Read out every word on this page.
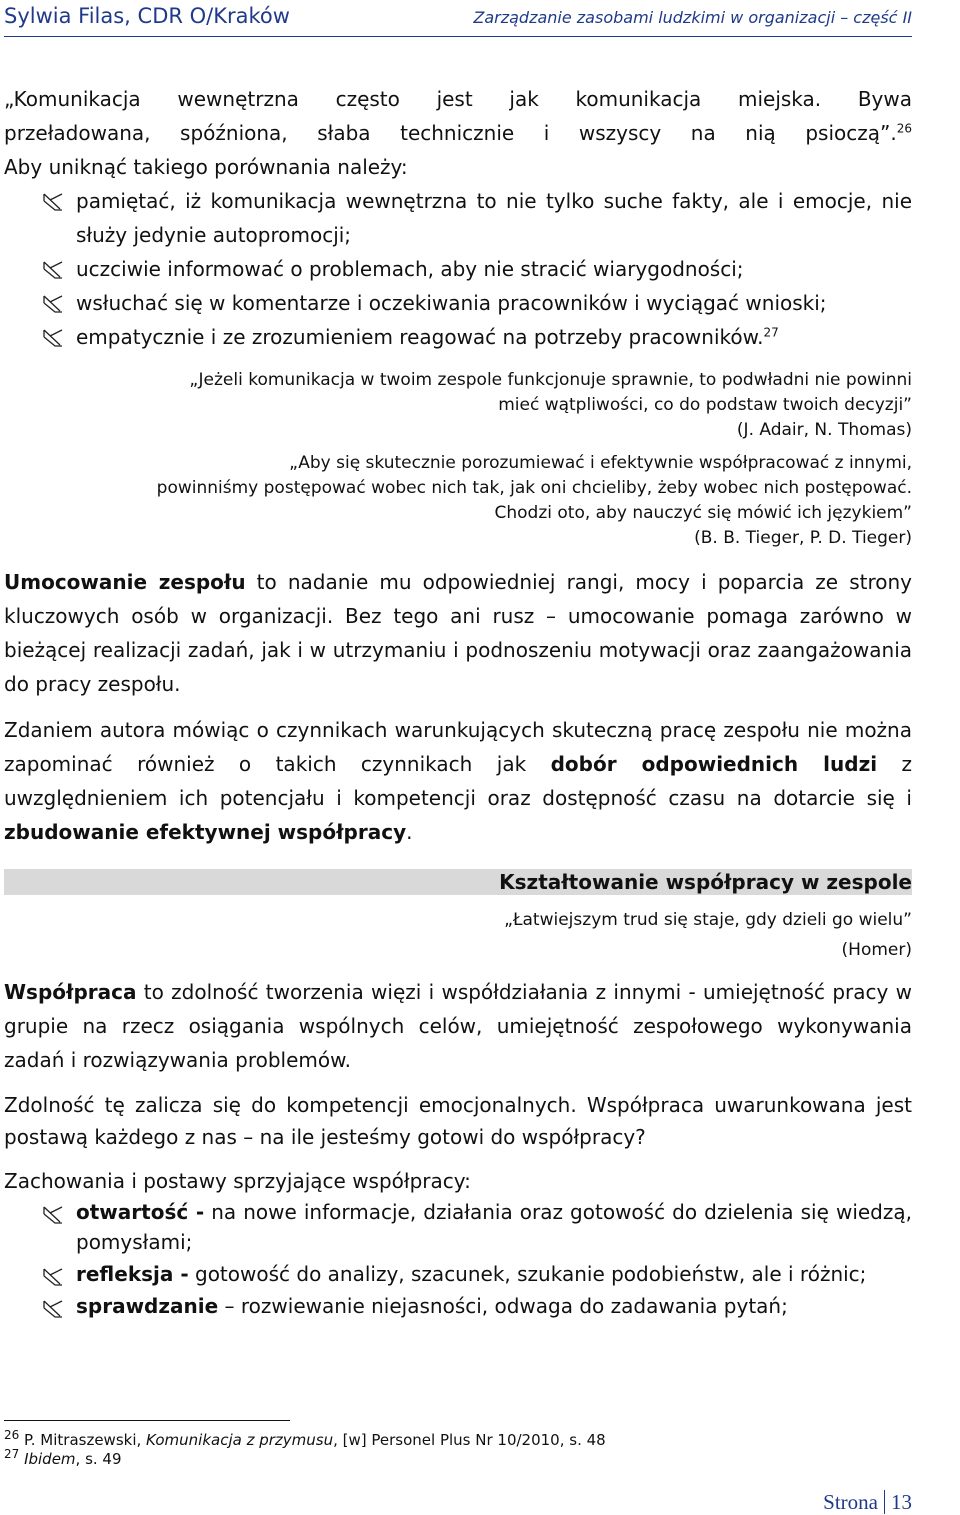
Sylwia Filas, CDR O/Kraków	Zarządzanie zasobami ludzkimi w organizacji – część II

„Komunikacja wewnętrzna często jest jak komunikacja miejska. Bywa

przeładowana, spóźniona, słaba technicznie i wszyscy na nią psioczą”.$^{26}$

Aby uniknąć takiego porównania należy:

pamiętać, iż komunikacja wewnętrzna to nie tylko suche fakty, ale i emocje, nie służy jedynie autopromocji;
uczciwie informować o problemach, aby nie stracić wiarygodności;
wsłuchać się w komentarze i oczekiwania pracowników i wyciągać wnioski;
empatycznie i ze zrozumieniem reagować na potrzeby pracowników.$^{27}$

„Jeżeli komunikacja w twoim zespole funkcjonuje sprawnie, to podwładni nie powinni

mieć wątpliwości, co do podstaw twoich decyzji”

(J. Adair, N. Thomas)

„Aby się skutecznie porozumiewać i efektywnie współpracować z innymi,

powinniśmy postępować wobec nich tak, jak oni chcieliby, żeby wobec nich postępować.

Chodzi oto, aby nauczyć się mówić ich językiem”

(B. B. Tieger, P. D. Tieger)

Umocowanie zespołu to nadanie mu odpowiedniej rangi, mocy i poparcia ze strony kluczowych osób w organizacji. Bez tego ani rusz – umocowanie pomaga zarówno w bieżącej realizacji zadań, jak i w utrzymaniu i podnoszeniu motywacji oraz zaangażowania do pracy zespołu.

Zdaniem autora mówiąc o czynnikach warunkujących skuteczną pracę zespołu nie można zapominać również o takich czynnikach jak dobór odpowiednich ludzi z uwzględnieniem ich potencjału i kompetencji oraz dostępność czasu na dotarcie się i zbudowanie efektywnej współpracy.

Kształtowanie współpracy w zespole

„Łatwiejszym trud się staje, gdy dzieli go wielu”

(Homer)

Współpraca to zdolność tworzenia więzi i współdziałania z innymi - umiejętność pracy w grupie na rzecz osiągania wspólnych celów, umiejętność zespołowego wykonywania zadań i rozwiązywania problemów.

Zdolność tę zalicza się do kompetencji emocjonalnych. Współpraca uwarunkowana jest postawą każdego z nas – na ile jesteśmy gotowi do współpracy?

Zachowania i postawy sprzyjające współpracy:

otwartość - na nowe informacje, działania oraz gotowość do dzielenia się wiedzą, pomysłami;
refleksja - gotowość do analizy, szacunek, szukanie podobieństw, ale i różnic;
sprawdzanie – rozwiewanie niejasności, odwaga do zadawania pytań;

$^{26}$ P. Mitraszewski, Komunikacja z przymusu, [w] Personel Plus Nr 10/2010, s. 48

$^{27}$ Ibidem, s. 49

Strona 13
